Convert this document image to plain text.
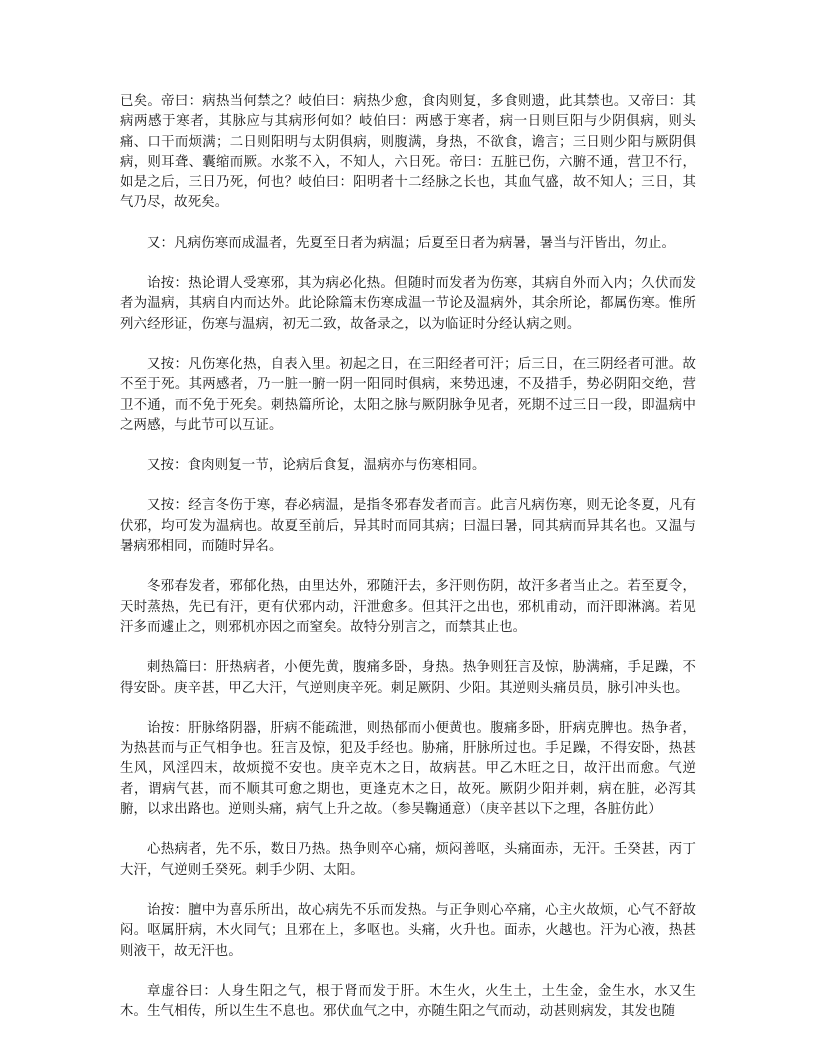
已矣。帝曰：病热当何禁之？岐伯曰：病热少愈，食肉则复，多食则遗，此其禁也。又帝曰：其病两感于寒者，其脉应与其病形何如？岐伯曰：两感于寒者，病一日则巨阳与少阴俱病，则头痛、口干而烦满；二日则阳明与太阴俱病，则腹满，身热，不欲食，谵言；三日则少阳与厥阴俱病，则耳聋、囊缩而厥。水浆不入，不知人，六日死。帝曰：五脏已伤，六腑不通，营卫不行，如是之后，三日乃死，何也？岐伯曰：阳明者十二经脉之长也，其血气盛，故不知人；三日，其气乃尽，故死矣。

又：凡病伤寒而成温者，先夏至日者为病温；后夏至日者为病暑，暑当与汗皆出，勿止。

诒按：热论谓人受寒邪，其为病必化热。但随时而发者为伤寒，其病自外而入内；久伏而发者为温病，其病自内而达外。此论除篇末伤寒成温一节论及温病外，其余所论，都属伤寒。惟所列六经形证，伤寒与温病，初无二致，故备录之，以为临证时分经认病之则。

又按：凡伤寒化热，自表入里。初起之日，在三阳经者可汗；后三日，在三阴经者可泄。故不至于死。其两感者，乃一脏一腑一阴一阳同时俱病，来势迅速，不及措手，势必阴阳交绝，营卫不通，而不免于死矣。刺热篇所论，太阳之脉与厥阴脉争见者，死期不过三日一段，即温病中之两感，与此节可以互证。

又按：食肉则复一节，论病后食复，温病亦与伤寒相同。

又按：经言冬伤于寒，春必病温，是指冬邪春发者而言。此言凡病伤寒，则无论冬夏，凡有伏邪，均可发为温病也。故夏至前后，异其时而同其病；曰温曰暑，同其病而异其名也。又温与暑病邪相同，而随时异名。

冬邪春发者，邪郁化热，由里达外，邪随汗去，多汗则伤阴，故汗多者当止之。若至夏令，天时蒸热，先已有汗，更有伏邪内动，汗泄愈多。但其汗之出也，邪机甫动，而汗即淋漓。若见汗多而遽止之，则邪机亦因之而窒矣。故特分别言之，而禁其止也。

刺热篇曰：肝热病者，小便先黄，腹痛多卧，身热。热争则狂言及惊，胁满痛，手足躁，不得安卧。庚辛甚，甲乙大汗，气逆则庚辛死。刺足厥阴、少阳。其逆则头痛员员，脉引冲头也。

诒按：肝脉络阴器，肝病不能疏泄，则热郁而小便黄也。腹痛多卧，肝病克脾也。热争者，为热甚而与正气相争也。狂言及惊，犯及手经也。胁痛，肝脉所过也。手足躁，不得安卧，热甚生风，风淫四末，故烦搅不安也。庚辛克木之日，故病甚。甲乙木旺之日，故汗出而愈。气逆者，谓病气甚，而不顺其可愈之期也，更逢克木之日，故死。厥阴少阳并刺，病在脏，必泻其腑，以求出路也。逆则头痛，病气上升之故。（参吴鞠通意）（庚辛甚以下之理，各脏仿此）

心热病者，先不乐，数日乃热。热争则卒心痛，烦闷善呕，头痛面赤，无汗。壬癸甚，丙丁大汗，气逆则壬癸死。刺手少阴、太阳。

诒按：膻中为喜乐所出，故心病先不乐而发热。与正争则心卒痛，心主火故烦，心气不舒故闷。呕属肝病，木火同气；且邪在上，多呕也。头痛，火升也。面赤，火越也。汗为心液，热甚则液干，故无汗也。

章虚谷曰：人身生阳之气，根于肾而发于肝。木生火，火生土，土生金，金生水，水又生木。生气相传，所以生生不息也。邪伏血气之中，亦随生阳之气而动，动甚则病发，其发也随
